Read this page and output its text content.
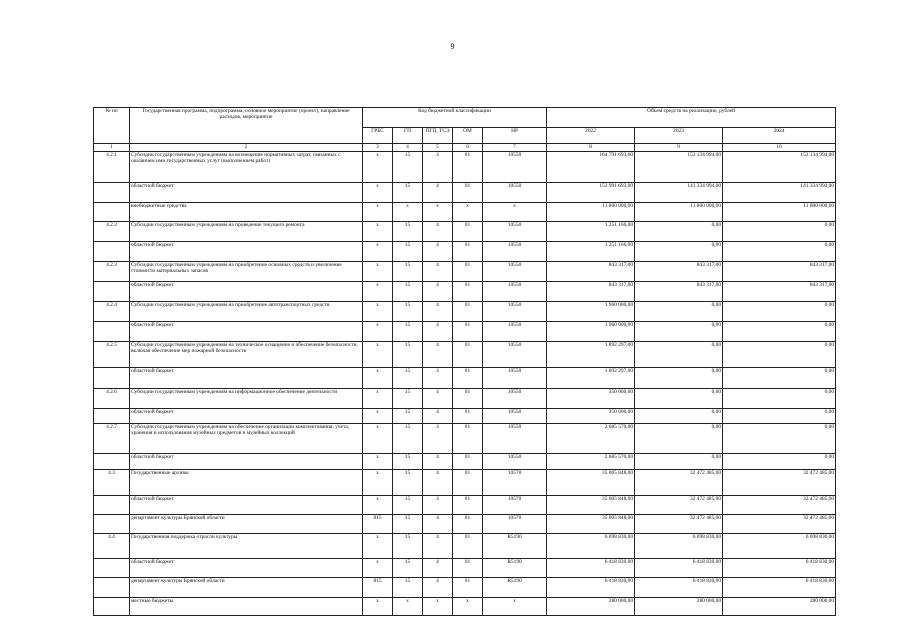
9
№ пп	Государственная программа, подпрограмма, основное мероприятие (проект), направление расходов, мероприятие	Код бюджетной классификации					Объем средств на реализацию, рублей		
		ГРБС	ГП	ПГП, ТСЭ	ОМ	НР	2022	2023	2024
1	2	3	4	5	6	7	8	9	10
4.2.1	Субсидии государственным учреждениям на возмещение нормативных затрат, связанных с оказанием ими государственных услуг (выполнением работ)	x	15	4	01	10550	164 791 693,00	153 134 994,00	153 134 994,00
	областной бюджет	x	15	4	01	10550	152 991 693,00	141 334 994,00	141 334 994,00
	внебюджетные средства	x	x	x	x	x	11 800 000,00	11 800 000,00	11 800 000,00
4.2.2	Субсидии государственным учреждениям на проведение текущего ремонта	x	15	4	01	10550	1 251 166,00	0,00	0,00
	областной бюджет	x	15	4	01	10550	1 251 166,00	0,00	0,00
4.2.3	Субсидии государственным учреждениям на приобретение основных средств и увеличение стоимости материальных запасов	x	15	4	01	10550	843 317,00	843 317,00	843 317,00
	областной бюджет	x	15	4	01	10550	843 317,00	843 317,00	843 317,00
4.2.4	Субсидии государственным учреждениям на приобретение автотранспортных средств	x	15	4	01	10550	1 960 000,00	0,00	0,00
	областной бюджет	x	15	4	01	10550	1 960 000,00	0,00	0,00
4.2.5	Субсидии государственным учреждениям на техническое оснащение и обеспечение безопасности, включая обеспечение мер пожарной безопасности	x	15	4	01	10550	1 892 297,00	0,00	0,00
	областной бюджет	x	15	4	01	10550	1 892 297,00	0,00	0,00
4.2.6	Субсидии государственным учреждениям на информационное обеспечение деятельности	x	15	4	01	10550	350 000,00	0,00	0,00
	областной бюджет	x	15	4	01	10550	350 000,00	0,00	0,00
4.2.7	Субсидии государственным учреждениям на обеспечение организации комплектования, учета, хранения и использования музейных предметов и музейных коллекций	x	15	4	01	10550	2 685 570,00	0,00	0,00
	областной бюджет	x	15	4	01	10550	2 685 570,00	0,00	0,00
4.3	Государственные архивы	x	15	4	01	10570	35 005 848,00	32 472 485,00	32 472 485,00
	областной бюджет	x	15	4	01	10570	35 005 848,00	32 472 485,00	32 472 485,00
	департамент культуры Брянской области	815	15	4	01	10570	35 005 848,00	32 472 485,00	32 472 485,00
4.4	Государственная поддержка отрасли культуры	x	15	4	01	R5190	6 698 830,00	6 698 830,00	6 698 830,00
	областной бюджет	x	15	4	01	R5190	6 418 830,00	6 418 830,00	6 418 830,00
	департамент культуры Брянской области	815	15	4	01	R5190	6 418 830,00	6 418 830,00	6 418 830,00
	местные бюджеты	x	x	x	x	x	280 000,00	280 000,00	280 000,00
